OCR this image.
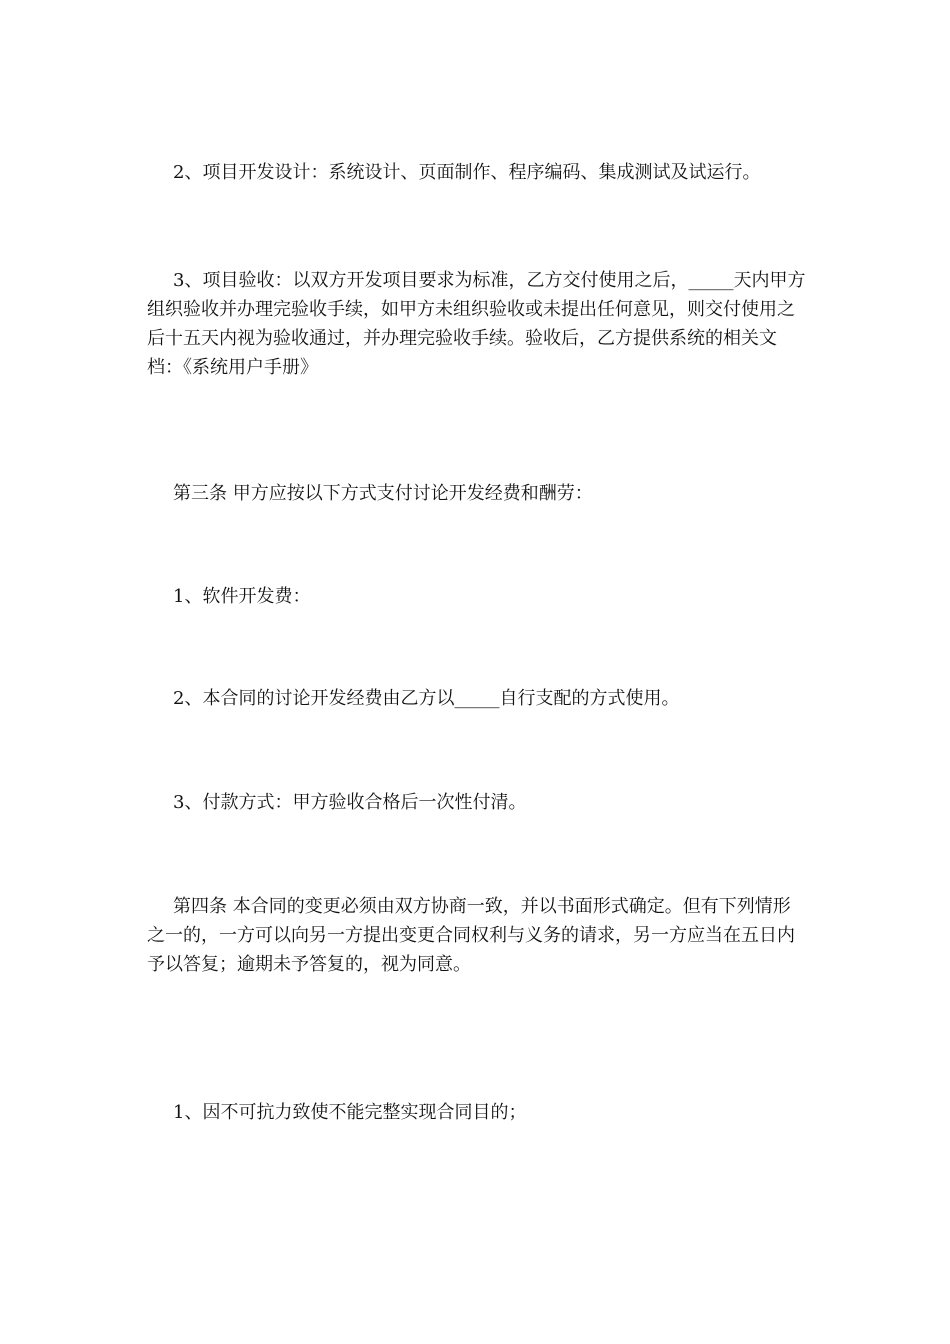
2、项目开发设计：系统设计、页面制作、程序编码、集成测试及试运行。

3、项目验收：以双方开发项目要求为标准，乙方交付使用之后，_____天内甲方组织验收并办理完验收手续，如甲方未组织验收或未提出任何意见，则交付使用之后十五天内视为验收通过，并办理完验收手续。验收后，乙方提供系统的相关文档：《系统用户手册》

第三条 甲方应按以下方式支付讨论开发经费和酬劳：

1、软件开发费：

2、本合同的讨论开发经费由乙方以_____自行支配的方式使用。

3、付款方式：甲方验收合格后一次性付清。

第四条 本合同的变更必须由双方协商一致，并以书面形式确定。但有下列情形之一的，一方可以向另一方提出变更合同权利与义务的请求，另一方应当在五日内予以答复；逾期未予答复的，视为同意。

1、因不可抗力致使不能完整实现合同目的；
